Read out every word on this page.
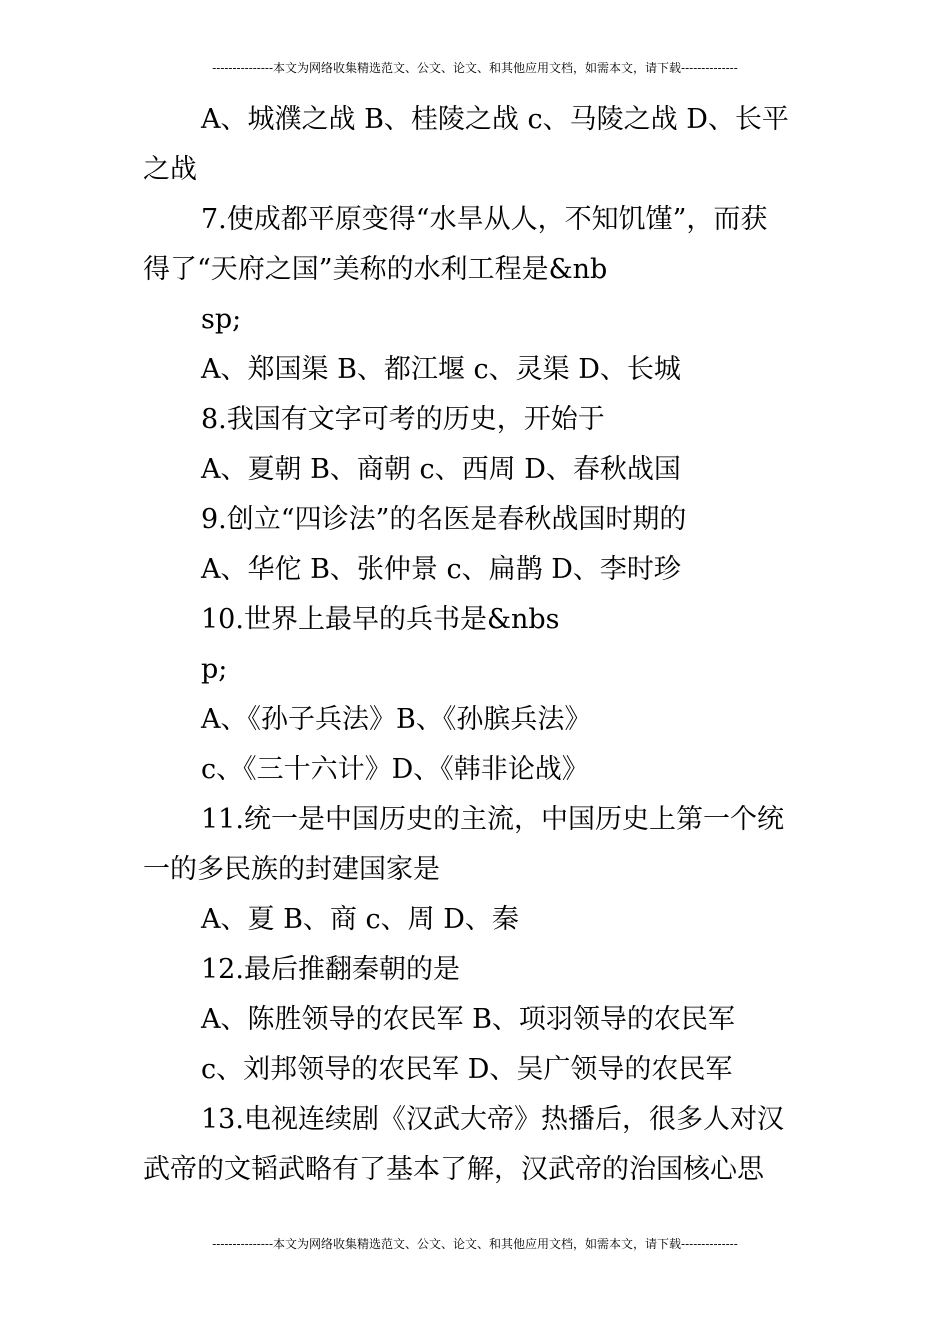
---------------本文为网络收集精选范文、公文、论文、和其他应用文档，如需本文，请下载--------------
A、城濮之战 B、桂陵之战 c、马陵之战 D、长平
之战
7.使成都平原变得“水旱从人，不知饥馑”，而获
得了“天府之国”美称的水利工程是&nb
sp;
A、郑国渠 B、都江堰 c、灵渠 D、长城
8.我国有文字可考的历史，开始于
A、夏朝 B、商朝 c、西周 D、春秋战国
9.创立“四诊法”的名医是春秋战国时期的
A、华佗 B、张仲景 c、扁鹊 D、李时珍
10.世界上最早的兵书是&nbs
p;
A、《孙子兵法》B、《孙膑兵法》
c、《三十六计》D、《韩非论战》
11.统一是中国历史的主流，中国历史上第一个统
一的多民族的封建国家是
A、夏 B、商 c、周 D、秦
12.最后推翻秦朝的是
A、陈胜领导的农民军 B、项羽领导的农民军
c、刘邦领导的农民军 D、吴广领导的农民军
13.电视连续剧《汉武大帝》热播后，很多人对汉
武帝的文韬武略有了基本了解，汉武帝的治国核心思
---------------本文为网络收集精选范文、公文、论文、和其他应用文档，如需本文，请下载--------------
